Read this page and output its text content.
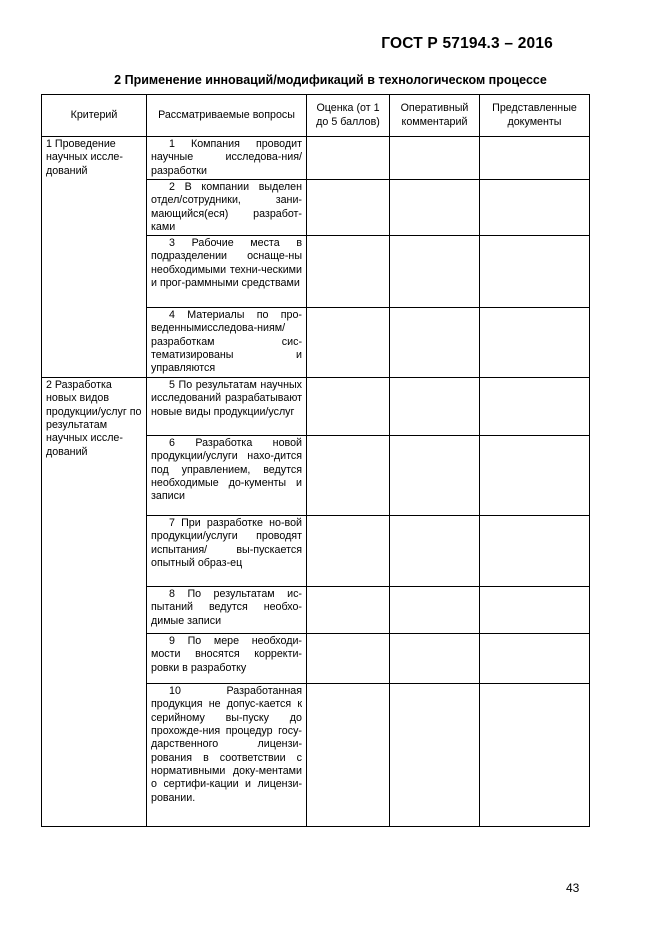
ГОСТ Р 57194.3 – 2016
2 Применение инноваций/модификаций в технологическом процессе
Критерий	Рассматриваемые вопросы	Оценка (от 1 до 5 баллов)	Оперативный комментарий	Представленные документы
1 Проведение научных иссле-дований	1 Компания проводит научные исследова-ния/разработки			

	2 В компании выделен отдел/сотрудники, зани-мающийся(еся) разработ-ками			

	3 Рабочие места в подразделении оснаще-ны необходимыми техни-ческими и прог-раммными средствами			

	4 Материалы по про-веденнымисследова-ниям/разработкам сис-тематизированы и управляются			

2 Разработка новых видов продукции/услуг по результатам научных иссле-дований	5 По результатам научных исследований разрабатывают новые виды продукции/услуг			

	6 Разработка новой продукции/услуги нахо-дится под управлением, ведутся необходимые до-кументы и записи			

	7 При разработке но-вой продукции/услуги проводят испытания/ вы-пускается опытный образ-ец			

	8 По результатам ис-пытаний ведутся необхо-димые записи			

	9 По мере необходи-мости вносятся корректи-ровки в разработку			

	10 Разработанная продукция не допус-кается к серийному вы-пуску до прохожде-ния процедур госу-дарственного лицензи-рования в соответствии с нормативными доку-ментами о сертифи-кации и лицензи-ровании.			

43
